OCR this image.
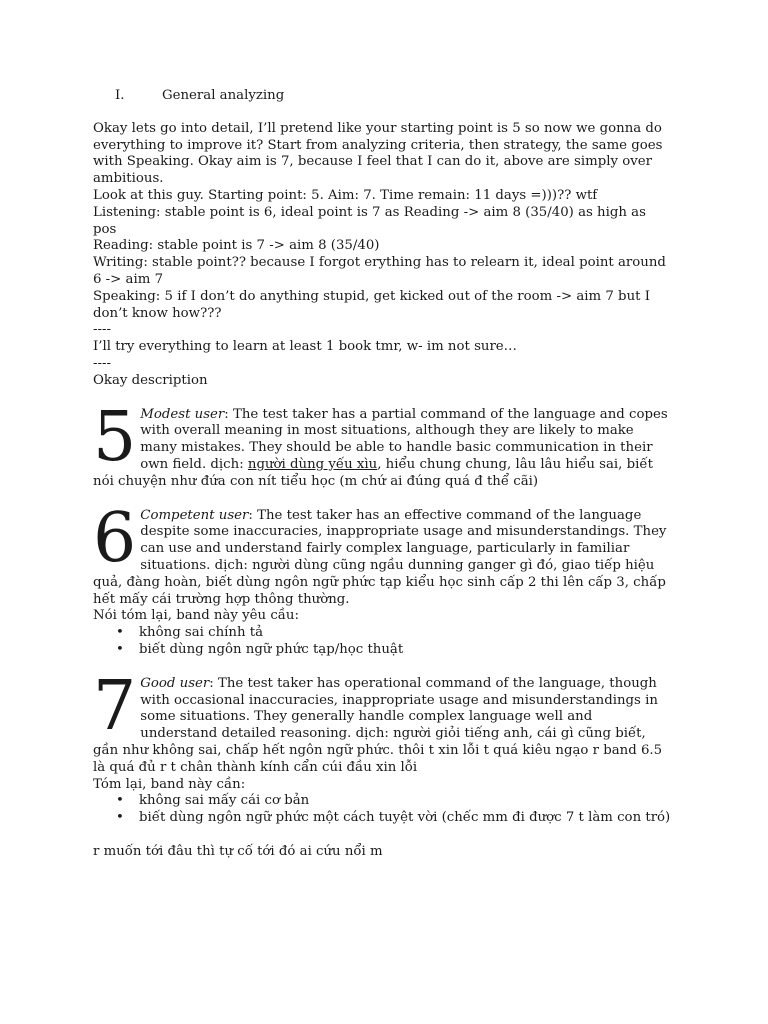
I.	General analyzing

Okay lets go into detail, I’ll pretend like your starting point is 5 so now we gonna do everything to improve it? Start from analyzing criteria, then strategy, the same goes with Speaking. Okay aim is 7, because I feel that I can do it, above are simply over ambitious.

Look at this guy. Starting point: 5. Aim: 7. Time remain: 11 days =)))?? wtf

Listening: stable point is 6, ideal point is 7 as Reading -> aim 8 (35/40) as high as pos

Reading: stable point is 7 -> aim 8 (35/40)

Writing: stable point?? because I forgot erything has to relearn it, ideal point around 6 -> aim 7

Speaking: 5 if I don’t do anything stupid, get kicked out of the room -> aim 7 but I don’t know how???

----

I’ll try everything to learn at least 1 book tmr, w- im not sure…

----

Okay description

5 Modest user: The test taker has a partial command of the language and copes with overall meaning in most situations, although they are likely to make many mistakes. They should be able to handle basic communication in their own field. dịch: người dùng yếu xìu, hiểu chung chung, lâu lâu hiểu sai, biết nói chuyện như đứa con nít tiểu học (m chứ ai đúng quá đ thể cãi)

6 Competent user: The test taker has an effective command of the language despite some inaccuracies, inappropriate usage and misunderstandings. They can use and understand fairly complex language, particularly in familiar situations. dịch: người dùng cũng ngầu dunning ganger gì đó, giao tiếp hiệu quả, đàng hoàn, biết dùng ngôn ngữ phức tạp kiểu học sinh cấp 2 thi lên cấp 3, chấp hết mấy cái trường hợp thông thường.

Nói tóm lại, band này yêu cầu:

• không sai chính tả
• biết dùng ngôn ngữ phức tạp/học thuật
7 Good user: The test taker has operational command of the language, though with occasional inaccuracies, inappropriate usage and misunderstandings in some situations. They generally handle complex language well and understand detailed reasoning. dịch: người giỏi tiếng anh, cái gì cũng biết, gần như không sai, chấp hết ngôn ngữ phức. thôi t xin lỗi t quá kiêu ngạo r band 6.5 là quá đủ r t chân thành kính cẩn cúi đầu xin lỗi

Tóm lại, band này cần:

• không sai mấy cái cơ bản
• biết dùng ngôn ngữ phức một cách tuyệt vời (chếc mm đi được 7 t làm con tró)

r muốn tới đâu thì tự cố tới đó ai cứu nổi m
